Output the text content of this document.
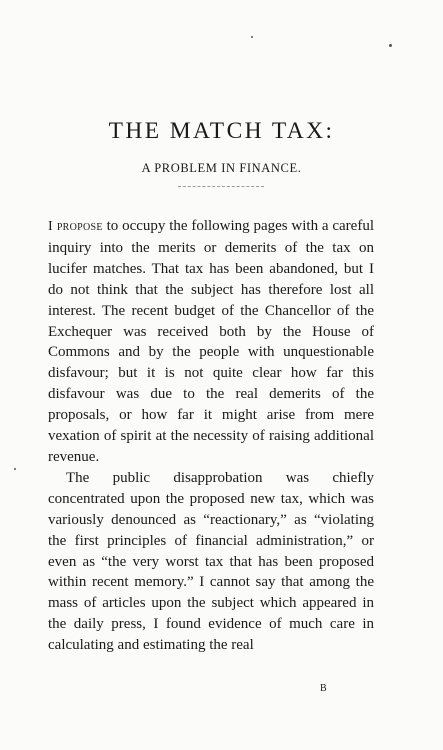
THE MATCH TAX:
A PROBLEM IN FINANCE.

I propose to occupy the following pages with a careful inquiry into the merits or demerits of the tax on lucifer matches. That tax has been abandoned, but I do not think that the subject has therefore lost all interest. The recent budget of the Chancellor of the Exchequer was received both by the House of Commons and by the people with unquestionable disfavour; but it is not quite clear how far this disfavour was due to the real demerits of the proposals, or how far it might arise from mere vexation of spirit at the necessity of raising additional revenue.

The public disapprobation was chiefly concentrated upon the proposed new tax, which was variously denounced as “reactionary,” as “violating the first principles of financial administration,” or even as “the very worst tax that has been proposed within recent memory.” I cannot say that among the mass of articles upon the subject which appeared in the daily press, I found evidence of much care in calculating and estimating the real

B
